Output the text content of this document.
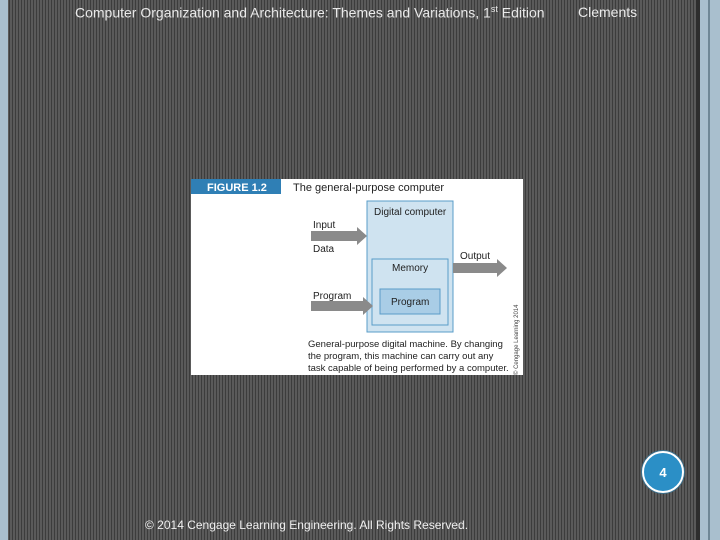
Computer Organization and Architecture: Themes and Variations, 1st Edition Clements
FIGURE 1.2 The general-purpose computer
Digital computer
Memory
Program
Input
Data
Program
Output
General-purpose digital machine. By changing
the program, this machine can carry out any
task capable of being performed by a computer. © Cengage Learning 2014
4
© 2014 Cengage Learning Engineering. All Rights Reserved.
